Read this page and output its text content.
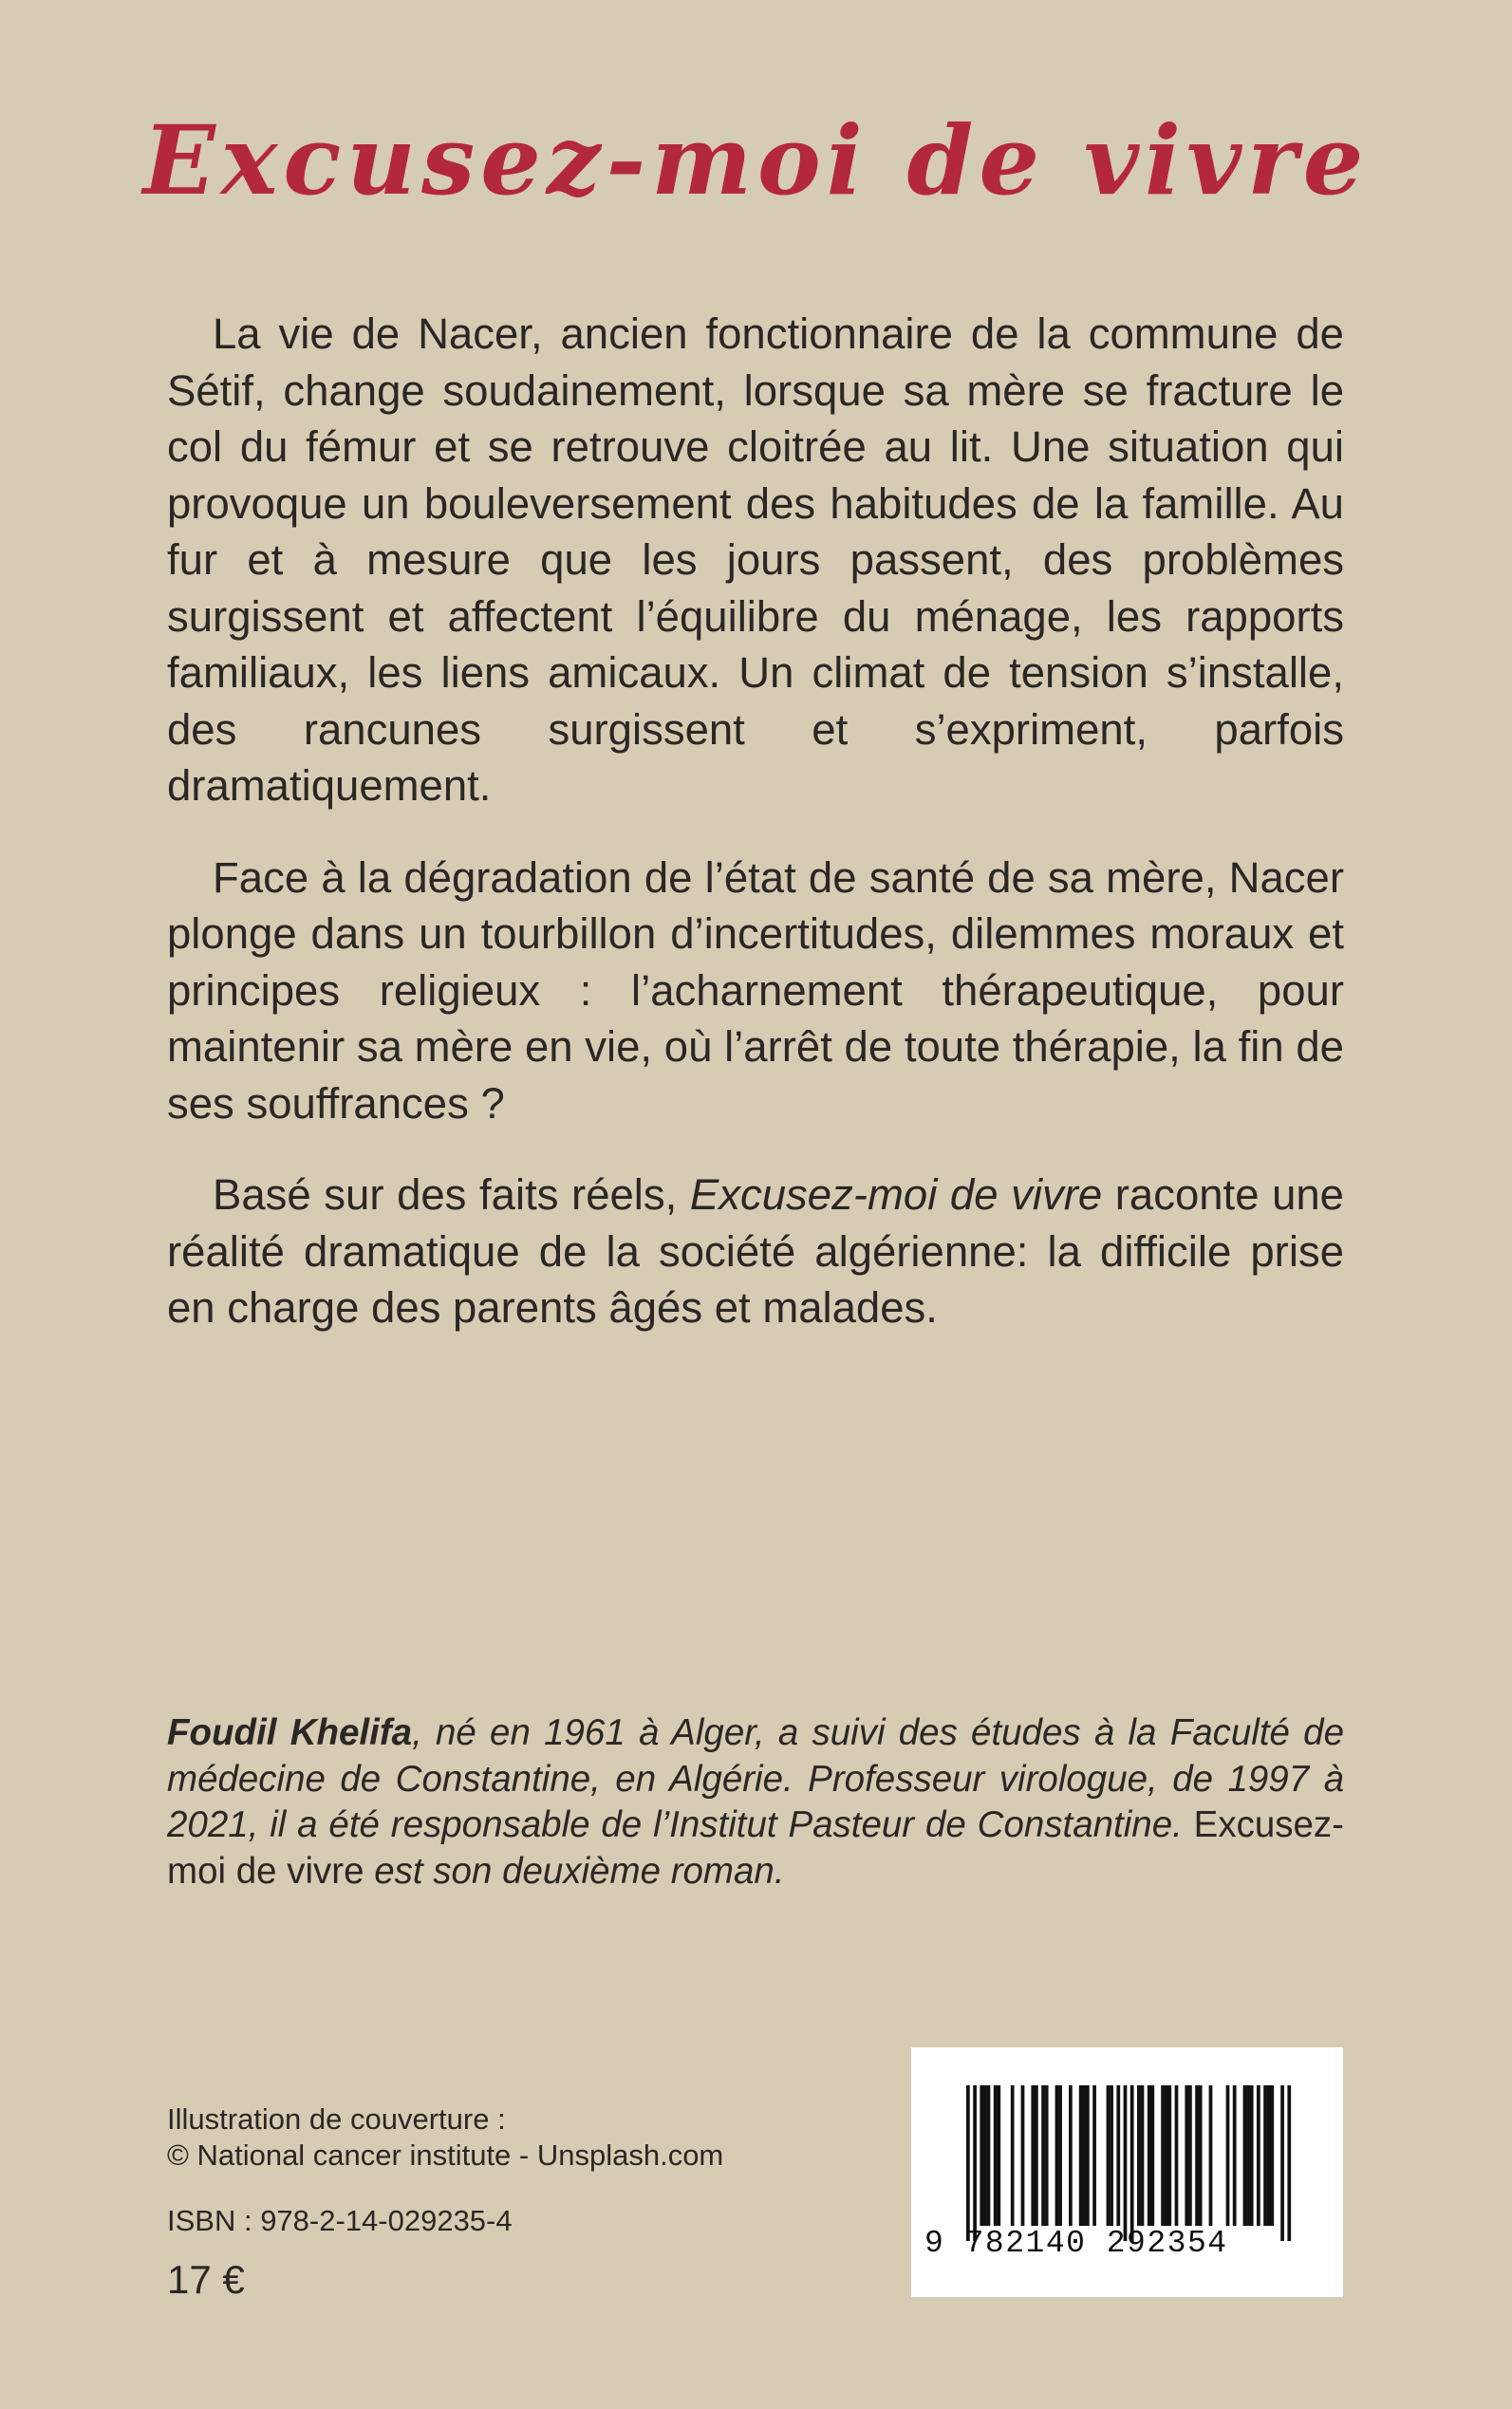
Excusez-moi de vivre

La vie de Nacer, ancien fonctionnaire de la commune de Sétif, change soudainement, lorsque sa mère se fracture le col du fémur et se retrouve cloitrée au lit. Une situation qui provoque un bouleversement des habitudes de la famille. Au fur et à mesure que les jours passent, des problèmes surgissent et affectent l’équilibre du ménage, les rapports familiaux, les liens amicaux. Un climat de tension s’installe, des rancunes surgissent et s’expriment, parfois dramatiquement.

Face à la dégradation de l’état de santé de sa mère, Nacer plonge dans un tourbillon d’incertitudes, dilemmes moraux et principes religieux : l’acharnement thérapeutique, pour maintenir sa mère en vie, où l’arrêt de toute thérapie, la fin de ses souffrances ?

Basé sur des faits réels, Excusez-moi de vivre raconte une réalité dramatique de la société algérienne: la difficile prise en charge des parents âgés et malades.

Foudil Khelifa, né en 1961 à Alger, a suivi des études à la Faculté de médecine de Constantine, en Algérie. Professeur virologue, de 1997 à 2021, il a été responsable de l’Institut Pasteur de Constantine. Excusez-moi de vivre est son deuxième roman.

Illustration de couverture :
© National cancer institute - Unsplash.com

ISBN : 978-2-14-029235-4

17 €

9 782140 292354
